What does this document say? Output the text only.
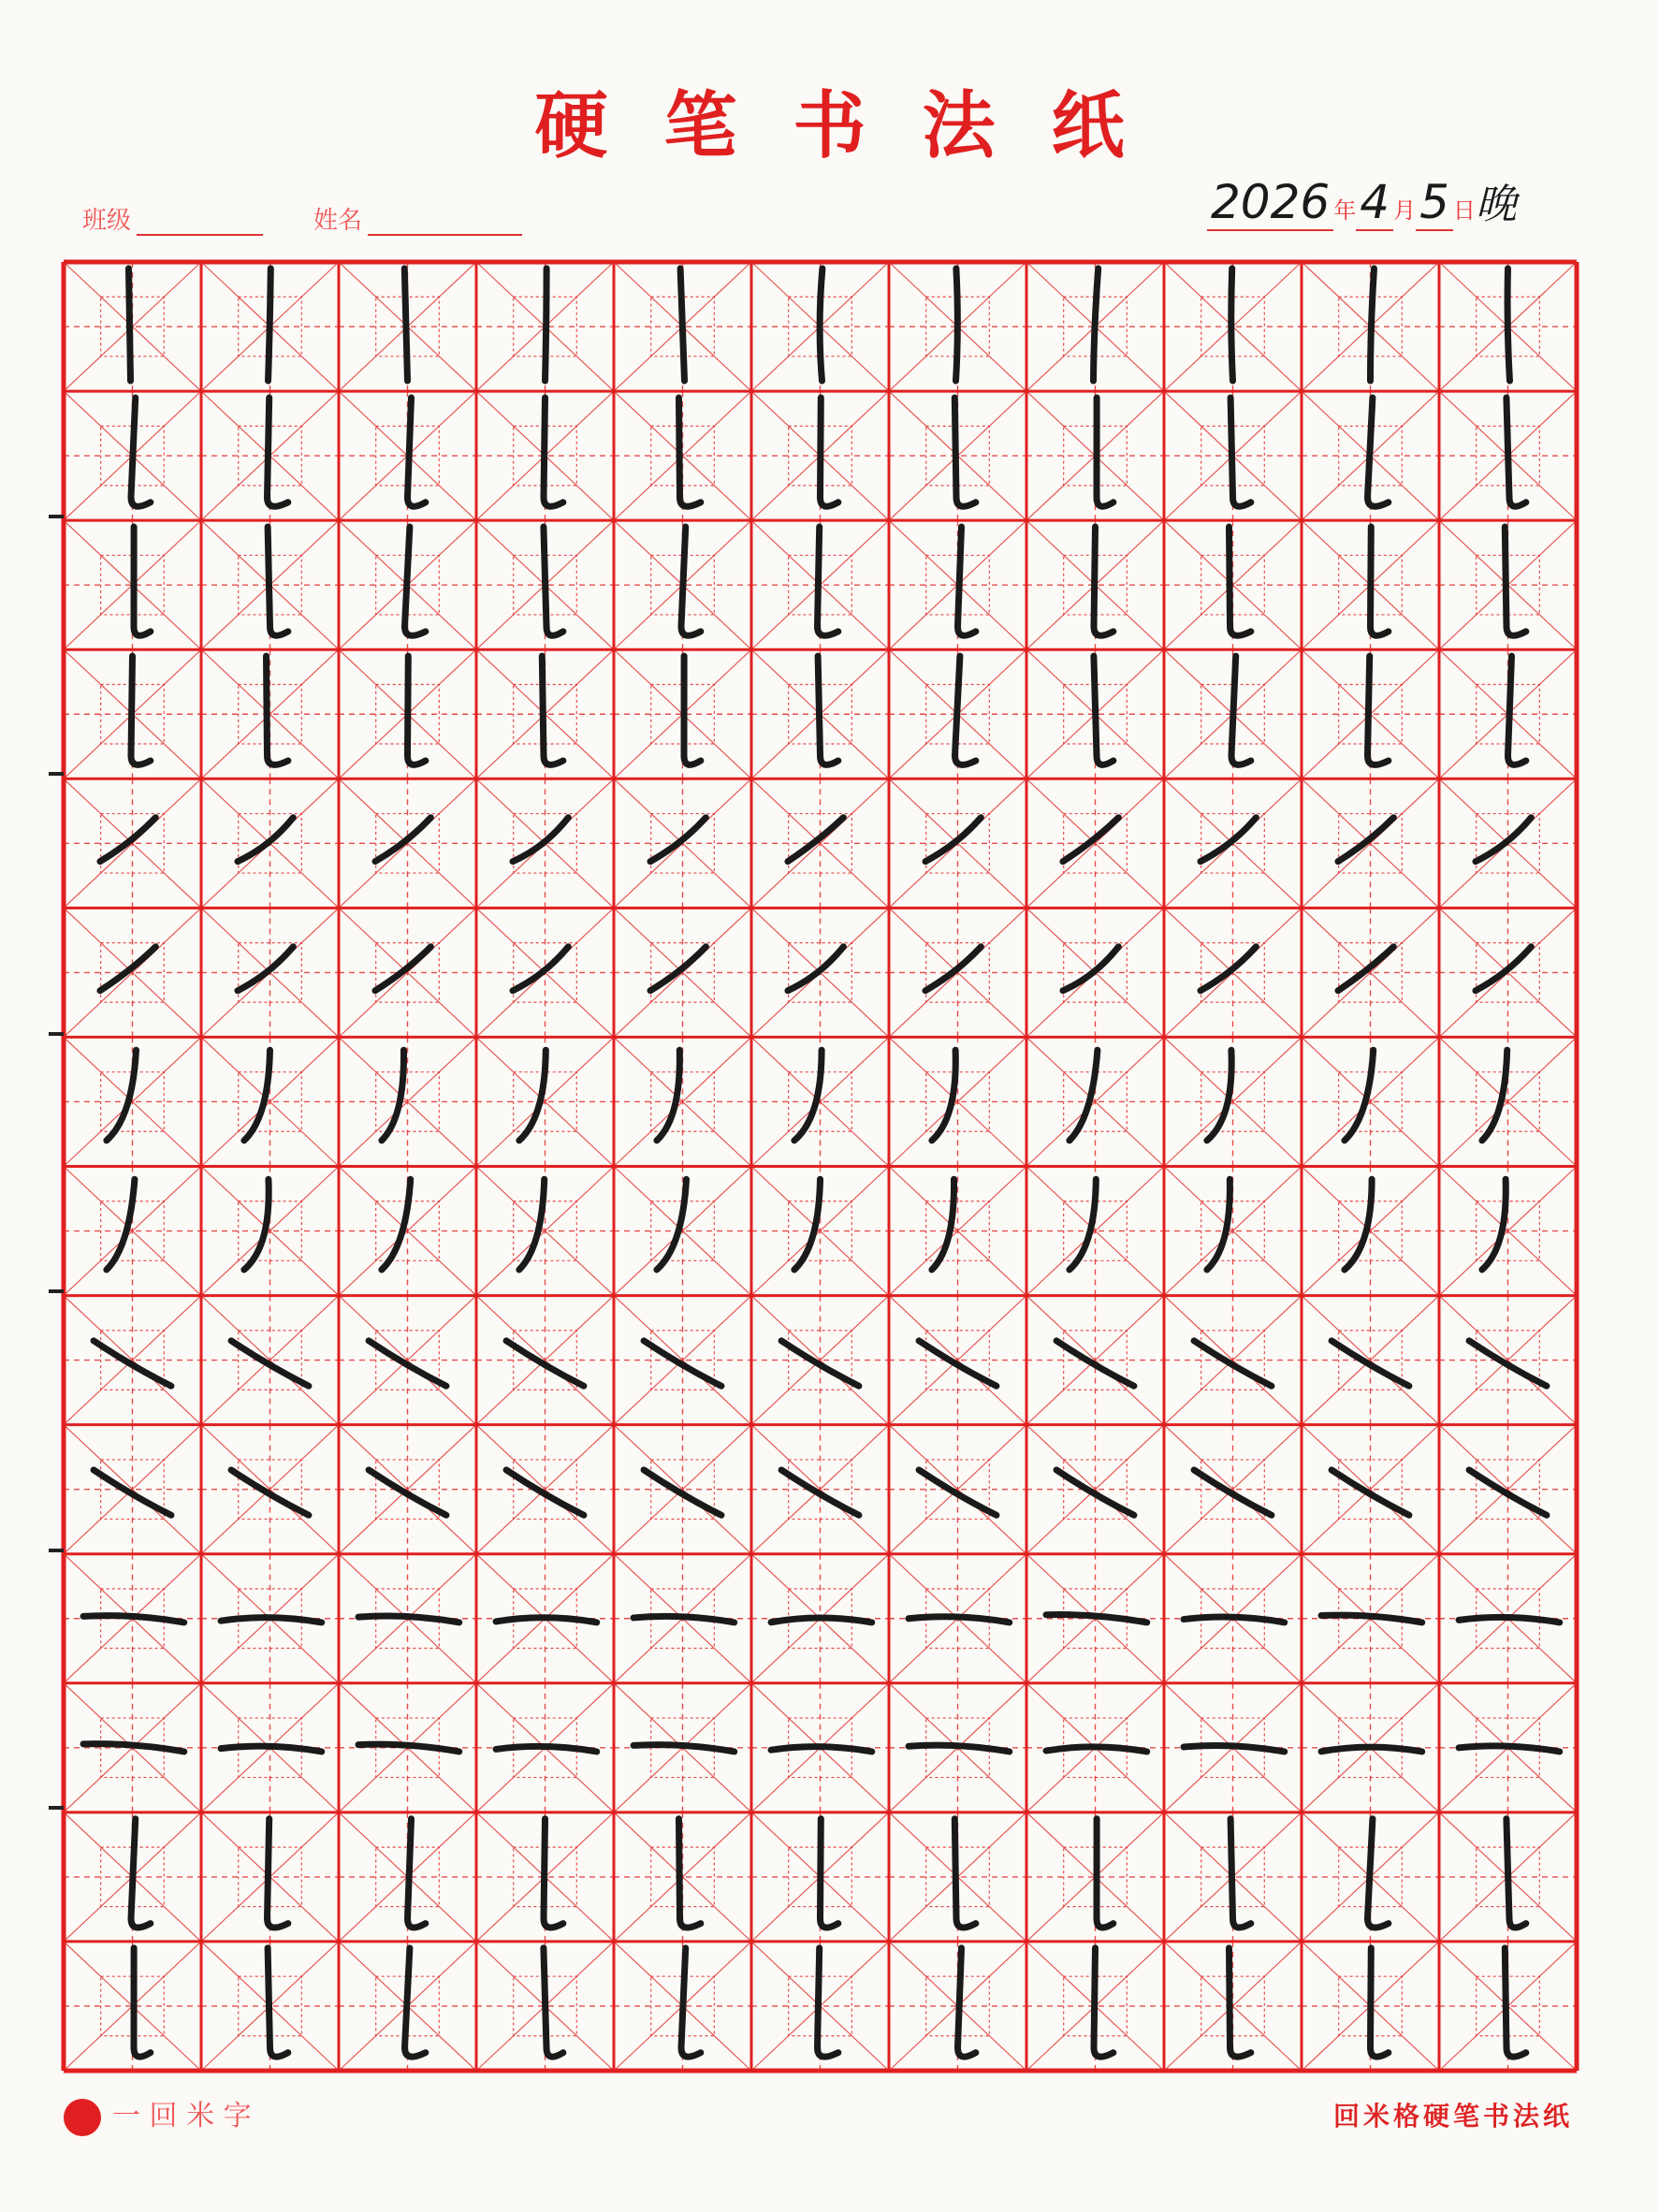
硬笔书法纸
班级	姓名	2026 年4 月5 日晚
一 回 米 字	回米格硬笔书法纸
